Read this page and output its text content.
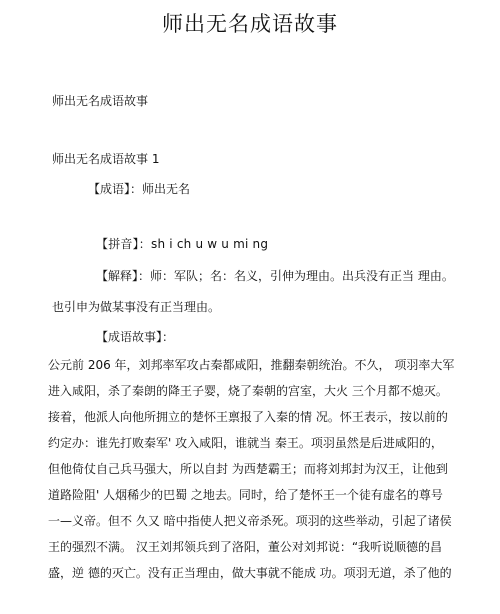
师出无名成语故事
师出无名成语故事
师出无名成语故事 1
【成语】：师出无名
【拼音】：sh i ch u w u mi ng
【解释】：师：军队；名：名义，引伸为理由。出兵没有正当 理由。
也引申为做某事没有正当理由。
【成语故事】：
公元前 206 年，刘邦率军攻占秦都咸阳，推翻秦朝统治。不久， 项羽率大军
进入咸阳，杀了秦朗的降王子婴，烧了秦朝的宫室，大火 三个月都不熄灭。
接着，他派人向他所拥立的楚怀王禀报了入秦的情 况。怀王表示，按以前的
约定办：谁先打败秦军' 攻入咸阳，谁就当 秦王。项羽虽然是后进咸阳的，
但他倚仗自己兵马强大，所以自封 为西楚霸王；而将刘邦封为汉王，让他到
道路险阻' 人烟稀少的巴蜀 之地去。同时，给了楚怀王一个徒有虚名的尊号
一—义帝。但不 久又 暗中指使人把义帝杀死。项羽的这些举动，引起了诸侯
王的强烈不满。 汉王刘邦领兵到了洛阳，董公对刘邦说：“我听说顺德的昌
盛，逆 德的灭亡。没有正当理由，做大事就不能成 功。项羽无道，杀了他的
